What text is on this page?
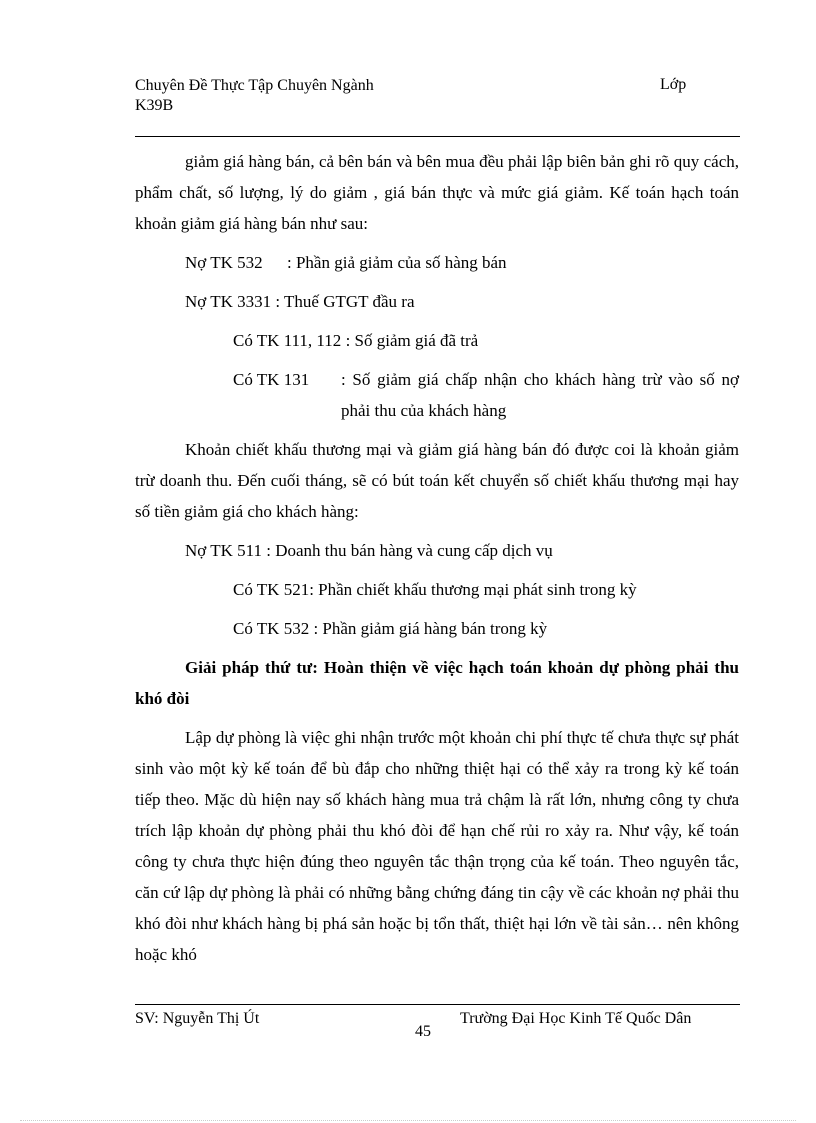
Chuyên Đề Thực Tập Chuyên Ngành
K39B
Lớp

giảm giá hàng bán, cả bên bán và bên mua đều phải lập biên bản ghi rõ quy cách, phẩm chất, số lượng, lý do giảm , giá bán thực và mức giá giảm. Kế toán hạch toán khoản giảm giá hàng bán như sau:

Nợ TK 532 : Phần giả giảm của số hàng bán
Nợ TK 3331 : Thuế GTGT đầu ra
Có TK 111, 112 : Số giảm giá đã trả
Có TK 131	: Số giảm giá chấp nhận cho khách hàng trừ vào số nợ phải thu của khách hàng

Khoản chiết khấu thương mại và giảm giá hàng bán đó được coi là khoản giảm trừ doanh thu. Đến cuối tháng, sẽ có bút toán kết chuyển số chiết khấu thương mại hay số tiền giảm giá cho khách hàng:

Nợ TK 511 : Doanh thu bán hàng và cung cấp dịch vụ
Có TK 521: Phần chiết khấu thương mại phát sinh trong kỳ
Có TK 532 : Phần giảm giá hàng bán trong kỳ
Giải pháp thứ tư: Hoàn thiện về việc hạch toán khoản dự phòng phải thu khó đòi

Lập dự phòng là việc ghi nhận trước một khoản chi phí thực tế chưa thực sự phát sinh vào một kỳ kế toán để bù đắp cho những thiệt hại có thể xảy ra trong kỳ kế toán tiếp theo. Mặc dù hiện nay số khách hàng mua trả chậm là rất lớn, nhưng công ty chưa trích lập khoản dự phòng phải thu khó đòi để hạn chế rủi ro xảy ra. Như vậy, kế toán công ty chưa thực hiện đúng theo nguyên tắc thận trọng của kế toán. Theo nguyên tắc, căn cứ lập dự phòng là phải có những bằng chứng đáng tin cậy về các khoản nợ phải thu khó đòi như khách hàng bị phá sản hoặc bị tổn thất, thiệt hại lớn về tài sản… nên không hoặc khó

SV: Nguyễn Thị Út	Trường Đại Học Kinh Tế Quốc Dân
45
